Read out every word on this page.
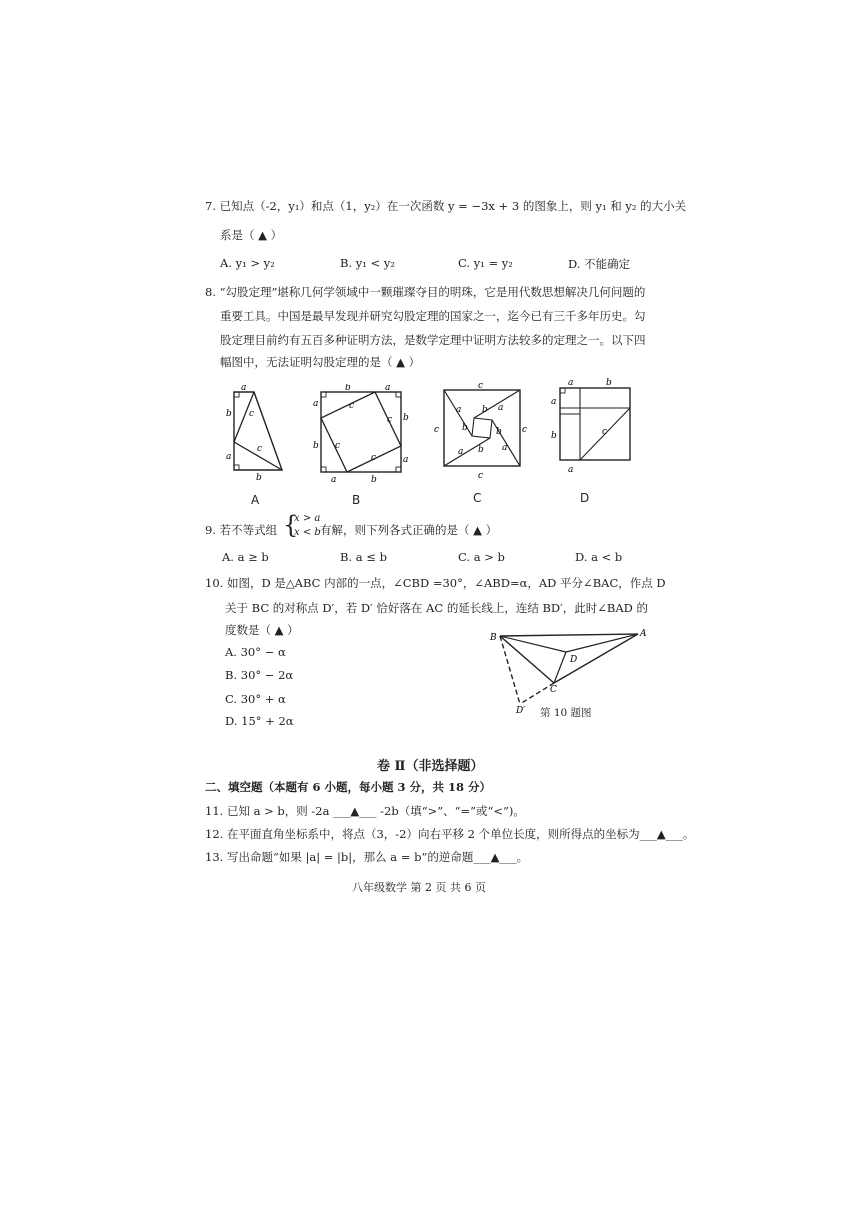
7. 已知点（-2，y₁）和点（1，y₂）在一次函数 y = −3x + 3 的图象上，则 y₁ 和 y₂ 的大小关
系是（ ▲ ）
A. y₁ > y₂	B. y₁ < y₂	C. y₁ = y₂	D. 不能确定
8. “勾股定理”堪称几何学领域中一颗璀璨夺目的明珠，它是用代数思想解决几何问题的
重要工具。中国是最早发现并研究勾股定理的国家之一，迄今已有三千多年历史。勾
股定理目前约有五百多种证明方法，是数学定理中证明方法较多的定理之一。以下四
幅图中，无法证明勾股定理的是（ ▲ ）
a
b c
c
a
b
A
b	a
a
b
b
a
a	b
c
c
c
c
B
c
c	c
c
a b a
b	b
a b a
C
a	b
a
b	c
a
D
9. 若不等式组 {
x > a
x < b 有解，则下列各式正确的是（ ▲ ）
A. a ≥ b	B. a ≤ b	C. a > b	D. a < b
10. 如图，D 是△ABC 内部的一点，∠CBD =30°，∠ABD=α，AD 平分∠BAC，作点 D
关于 BC 的对称点 D′，若 D′ 恰好落在 AC 的延长线上，连结 BD′，此时∠BAD 的
度数是（ ▲ ）
A. 30° − α
B. 30° − 2α
C. 30° + α
D. 15° + 2α
B	A
D
C
D′ 第 10 题图
卷 Ⅱ（非选择题）
二、填空题（本题有 6 小题，每小题 3 分，共 18 分）
11. 已知 a > b，则 -2a ___▲___ -2b（填“>”、“=”或“<”)。
12. 在平面直角坐标系中，将点（3，-2）向右平移 2 个单位长度，则所得点的坐标为___▲___。
13. 写出命题“如果 |a| = |b|，那么 a = b”的逆命题___▲___。
八年级数学 第 2 页 共 6 页
